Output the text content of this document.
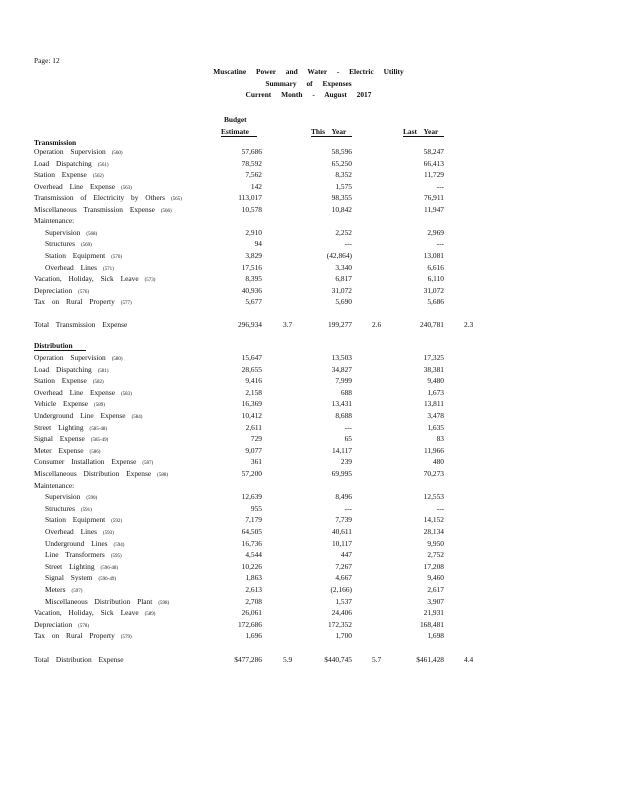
Page: 12
Muscatine Power and Water - Electric Utility
Summary of Expenses
Current Month - August 2017
Budget
Estimate	This Year	Last Year
Transmission
Operation Supervision (560)	57,686	58,596	58,247
Load Dispatching (561)	78,592	65,250	66,413
Station Expense (562)	7,562	8,352	11,729
Overhead Line Expense (563)	142	1,575	---
Transmission of Electricity by Others (565)	113,017	98,355	76,911
Miscellaneous Transmission Expense (566)	10,578	10,842	11,947
Maintenance:
Supervision (568)	2,910	2,252	2,969
Structures (569)	94	---	---
Station Equipment (570)	3,829	(42,864)	13,081
Overhead Lines (571)	17,516	3,340	6,616
Vacation, Holiday, Sick Leave (573)	8,395	6,817	6,110
Depreciation (576)	40,936	31,072	31,072
Tax on Rural Property (577)	5,677	5,690	5,686
Total Transmission Expense	296,934	3.7	199,277	2.6	240,781	2.3
Distribution
Operation Supervision (580)	15,647	13,503	17,325
Load Dispatching (581)	28,655	34,827	38,381
Station Expense (582)	9,416	7,999	9,480
Overhead Line Expense (583)	2,158	688	1,673
Vehicle Expense (589)	16,369	13,431	13,811
Underground Line Expense (584)	10,412	8,688	3,478
Street Lighting (585-48)	2,611	---	1,635
Signal Expense (585-49)	729	65	83
Meter Expense (586)	9,077	14,117	11,966
Consumer Installation Expense (587)	361	239	480
Miscellaneous Distribution Expense (588)	57,200	69,995	70,273
Maintenance:
Supervision (590)	12,639	8,496	12,553
Structures (591)	955	---	---
Station Equipment (592)	7,179	7,739	14,152
Overhead Lines (593)	64,505	40,611	28,134
Underground Lines (594)	16,736	10,117	9,950
Line Transformers (595)	4,544	447	2,752
Street Lighting (596-48)	10,226	7,267	17,208
Signal System (596-49)	1,863	4,667	9,460
Meters (597)	2,613	(2,166)	2,617
Miscellaneous Distribution Plant (598)	2,708	1,537	3,907
Vacation, Holiday, Sick Leave (589)	26,061	24,406	21,931
Depreciation (578)	172,686	172,352	168,481
Tax on Rural Property (579)	1,696	1,700	1,698
Total Distribution Expense	$477,286	5.9	$440,745	5.7	$461,428	4.4
